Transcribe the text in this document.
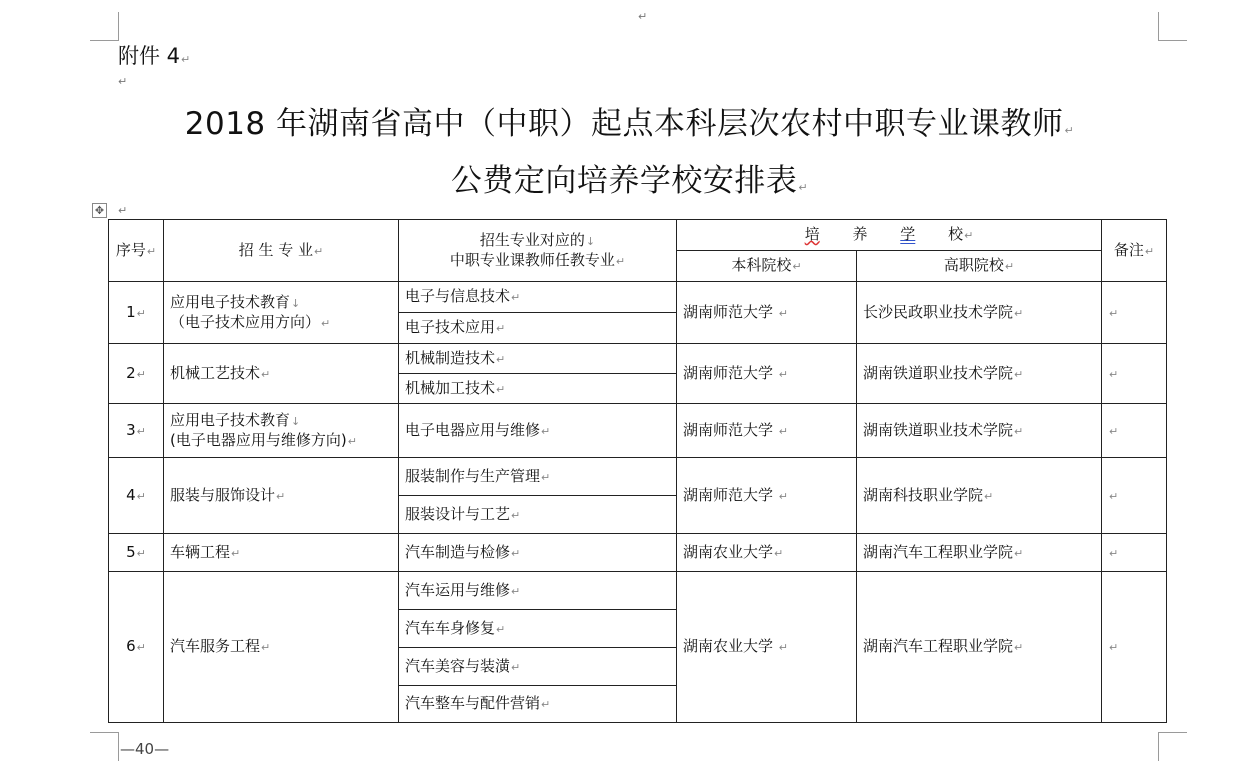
↵
附件 4↵
↵
2018 年湖南省高中（中职）起点本科层次农村中职专业课教师↵
公费定向培养学校安排表↵
✥ ↵
序号↵	招 生 专 业↵	招生专业对应的↓
中职专业课教师任教专业↵	培 养 学 校↵		备注↵
			本科院校↵	高职院校↵	
1↵	应用电子技术教育↓
（电子技术应用方向）↵	电子与信息技术↵	湖南师范大学 ↵	长沙民政职业技术学院↵	↵
		电子技术应用↵			
2↵	机械工艺技术↵	机械制造技术↵	湖南师范大学 ↵	湖南铁道职业技术学院↵	↵
		机械加工技术↵			
3↵	应用电子技术教育↓
(电子电器应用与维修方向)↵	电子电器应用与维修↵	湖南师范大学 ↵	湖南铁道职业技术学院↵	↵
4↵	服装与服饰设计↵	服装制作与生产管理↵	湖南师范大学 ↵	湖南科技职业学院↵	↵
		服装设计与工艺↵			
5↵	车辆工程↵	汽车制造与检修↵	湖南农业大学↵	湖南汽车工程职业学院↵	↵
6↵	汽车服务工程↵	汽车运用与维修↵	湖南农业大学 ↵	湖南汽车工程职业学院↵	↵
		汽车车身修复↵			
		汽车美容与装潢↵			
		汽车整车与配件营销↵			
—40—
